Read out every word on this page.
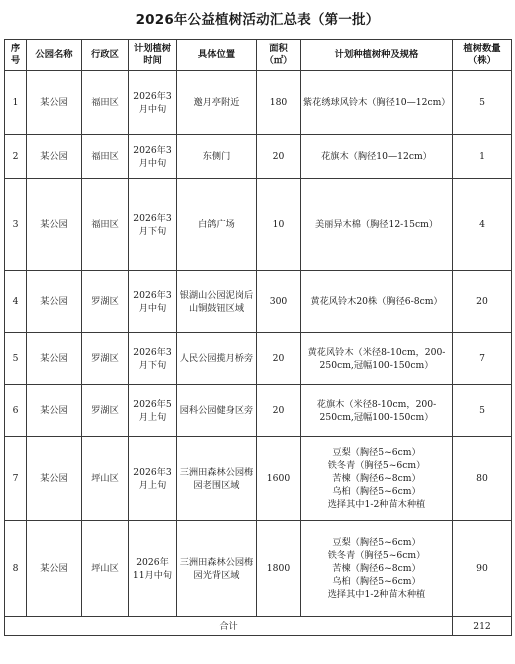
2026年公益植树活动汇总表（第一批）
序号	公园名称	行政区	计划植树时间	具体位置	面积（㎡）	计划种植树种及规格	植树数量（株）
1	某公园	福田区	2026年3月中旬	邀月亭附近	180	紫花绣球风铃木（胸径10—12cm）	5
2	某公园	福田区	2026年3月中旬	东侧门	20	花旗木（胸径10—12cm）	1
3	某公园	福田区	2026年3月下旬	白鸽广场	10	美丽异木棉（胸径12-15cm）	4
4	某公园	罗湖区	2026年3月中旬	银湖山公园泥岗后山铜鼓钮区域	300	黄花风铃木20株（胸径6-8cm）	20
5	某公园	罗湖区	2026年3月下旬	人民公园揽月桥旁	20	黄花风铃木（米径8-10cm，200-250cm,冠幅100-150cm）	7
6	某公园	罗湖区	2026年5月上旬	园科公园健身区旁	20	花旗木（米径8-10cm，200-250cm,冠幅100-150cm）	5
7	某公园	坪山区	2026年3月上旬	三洲田森林公园梅园老围区域	1600	豆梨（胸径5~6cm）
铁冬青（胸径5~6cm）
苦楝（胸径6~8cm）
乌桕（胸径5~6cm）
选择其中1-2种苗木种植	80
8	某公园	坪山区	2026年11月中旬	三洲田森林公园梅园光背区域	1800	豆梨（胸径5~6cm）
铁冬青（胸径5~6cm）
苦楝（胸径6~8cm）
乌桕（胸径5~6cm）
选择其中1-2种苗木种植	90
合计							212
